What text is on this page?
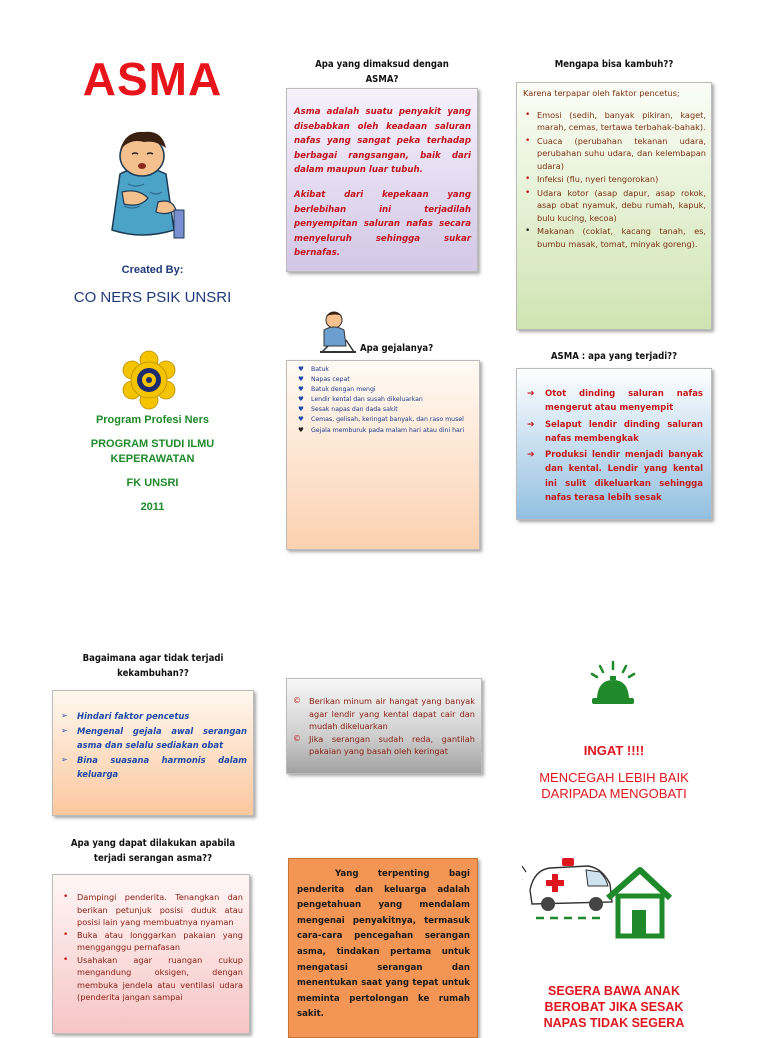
ASMA
Created By:
CO NERS PSIK UNSRI
Program Profesi Ners
PROGRAM STUDI ILMU
KEPERAWATAN
FK UNSRI
2011
Apa yang dimaksud dengan
ASMA?

Asma adalah suatu penyakit yang disebabkan oleh keadaan saluran nafas yang sangat peka terhadap berbagai rangsangan, baik dari dalam maupun luar tubuh.

Akibat dari kepekaan yang berlebihan ini terjadilah penyempitan saluran nafas secara menyeluruh sehingga sukar bernafas.

Apa gejalanya?
♥ Batuk
♥ Napas cepat
♥ Batuk dengan mengi
♥ Lendir kental dan susah dikeluarkan
♥ Sesak napas dan dada sakit
♥ Cemas, gelisah, keringat banyak, dan raso musel
♥ Gejala memburuk pada malam hari atau dini hari
Mengapa bisa kambuh??

Karena terpapar oleh faktor pencetus;

• Emosi (sedih, banyak pikiran, kaget, marah, cemas, tertawa terbahak-bahak).
• Cuaca (perubahan tekanan udara, perubahan suhu udara, dan kelembapan udara)
• Infeksi (flu, nyeri tengorokan)
• Udara kotor (asap dapur, asap rokok, asap obat nyamuk, debu rumah, kapuk, bulu kucing, kecoa)
• Makanan (coklat, kacang tanah, es, bumbu masak, tomat, minyak goreng).
ASMA : apa yang terjadi??
➔ Otot dinding saluran nafas mengerut atau menyempit
➔ Selaput lendir dinding saluran nafas membengkak
➔ Produksi lendir menjadi banyak dan kental. Lendir yang kental ini sulit dikeluarkan sehingga nafas terasa lebih sesak
Bagaimana agar tidak terjadi
kekambuhan??
➢ Hindari faktor pencetus
➢ Mengenal gejala awal serangan asma dan selalu sediakan obat
➢ Bina suasana harmonis dalam keluarga
© Berikan minum air hangat yang banyak agar lendir yang kental dapat cair dan mudah dikeluarkan
© Jika serangan sudah reda, gantilah pakaian yang basah oleh keringat	INGAT !!!!
MENCEGAH LEBIH BAIK
DARIPADA MENGOBATI
Apa yang dapat dilakukan apabila
terjadi serangan asma??
• Dampingi penderita. Tenangkan dan berikan petunjuk posisi duduk atau posisi lain yang membuatnya nyaman
• Buka atau longgarkan pakaian yang mengganggu pernafasan
• Usahakan agar ruangan cukup mengandung oksigen, dengan membuka jendela atau ventilasi udara (penderita jangan sampai

Yang terpenting bagi penderita dan keluarga adalah pengetahuan yang mendalam mengenai penyakitnya, termasuk cara-cara pencegahan serangan asma, tindakan pertama untuk mengatasi serangan dan menentukan saat yang tepat untuk meminta pertolongan ke rumah sakit.

SEGERA BAWA ANAK
BEROBAT JIKA SESAK
NAPAS TIDAK SEGERA
